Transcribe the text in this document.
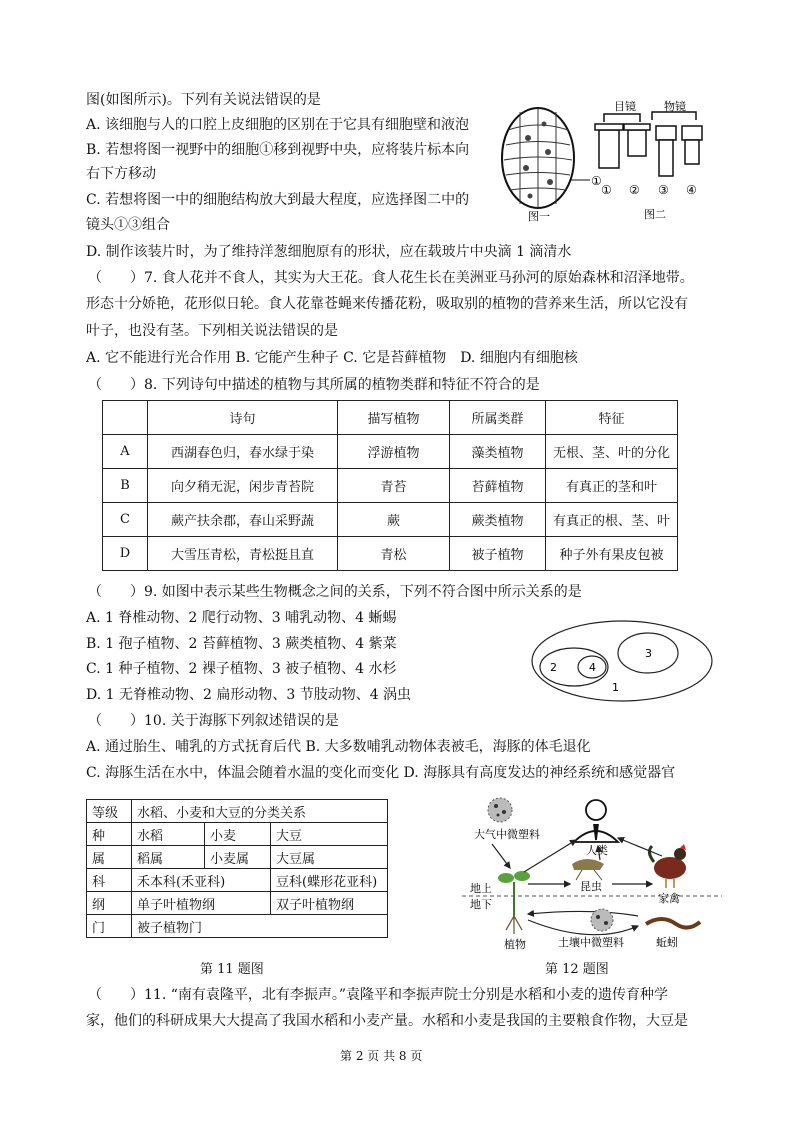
图(如图所示)。下列有关说法错误的是
A. 该细胞与人的口腔上皮细胞的区别在于它具有细胞壁和液泡
B. 若想将图一视野中的细胞①移到视野中央，应将装片标本向
右下方移动
C. 若想将图一中的细胞结构放大到最大程度，应选择图二中的
镜头①③组合
D. 制作该装片时，为了维持洋葱细胞原有的形状，应在载玻片中央滴 1 滴清水
①
图一
目镜	物镜
① ② ③ ④
图二
（　　）7. 食人花并不食人，其实为大王花。食人花生长在美洲亚马孙河的原始森林和沼泽地带。
形态十分娇艳，花形似日轮。食人花靠苍蝇来传播花粉，吸取别的植物的营养来生活，所以它没有
叶子，也没有茎。下列相关说法错误的是
A. 它不能进行光合作用 B. 它能产生种子 C. 它是苔藓植物　D. 细胞内有细胞核
（　　）8. 下列诗句中描述的植物与其所属的植物类群和特征不符合的是
	诗句	描写植物	所属类群	特征
A	西湖春色归，春水绿于染	浮游植物	藻类植物	无根、茎、叶的分化
B	向夕稍无泥，闲步青苔院	青苔	苔藓植物	有真正的茎和叶
C	蕨产扶余郡，春山采野蔬	蕨	蕨类植物	有真正的根、茎、叶
D	大雪压青松，青松挺且直	青松	被子植物	种子外有果皮包被
（　　）9. 如图中表示某些生物概念之间的关系，下列不符合图中所示关系的是
A. 1 脊椎动物、2 爬行动物、3 哺乳动物、4 蜥蜴
B. 1 孢子植物、2 苔藓植物、3 蕨类植物、4 紫菜
C. 1 种子植物、2 裸子植物、3 被子植物、4 水杉
D. 1 无脊椎动物、2 扁形动物、3 节肢动物、4 涡虫	1
2
3
4
（　　）10. 关于海豚下列叙述错误的是
A. 通过胎生、哺乳的方式抚育后代 B. 大多数哺乳动物体表被毛，海豚的体毛退化
C. 海豚生活在水中，体温会随着水温的变化而变化 D. 海豚具有高度发达的神经系统和感觉器官
等级	水稻、小麦和大豆的分类关系		
种	水稻	小麦	大豆
属	稻属	小麦属	大豆属
科	禾本科(禾亚科)		豆科(蝶形花亚科)
纲	单子叶植物纲		双子叶植物纲
门	被子植物门		
第 11 题图
大气中微塑料
人类
植物
昆虫
家禽
地上
地下
土壤中微塑料	蚯蚓
第 12 题图
（　　）11. “南有袁隆平，北有李振声。”袁隆平和李振声院士分别是水稻和小麦的遗传育种学
家，他们的科研成果大大提高了我国水稻和小麦产量。水稻和小麦是我国的主要粮食作物，大豆是
第 2 页 共 8 页
